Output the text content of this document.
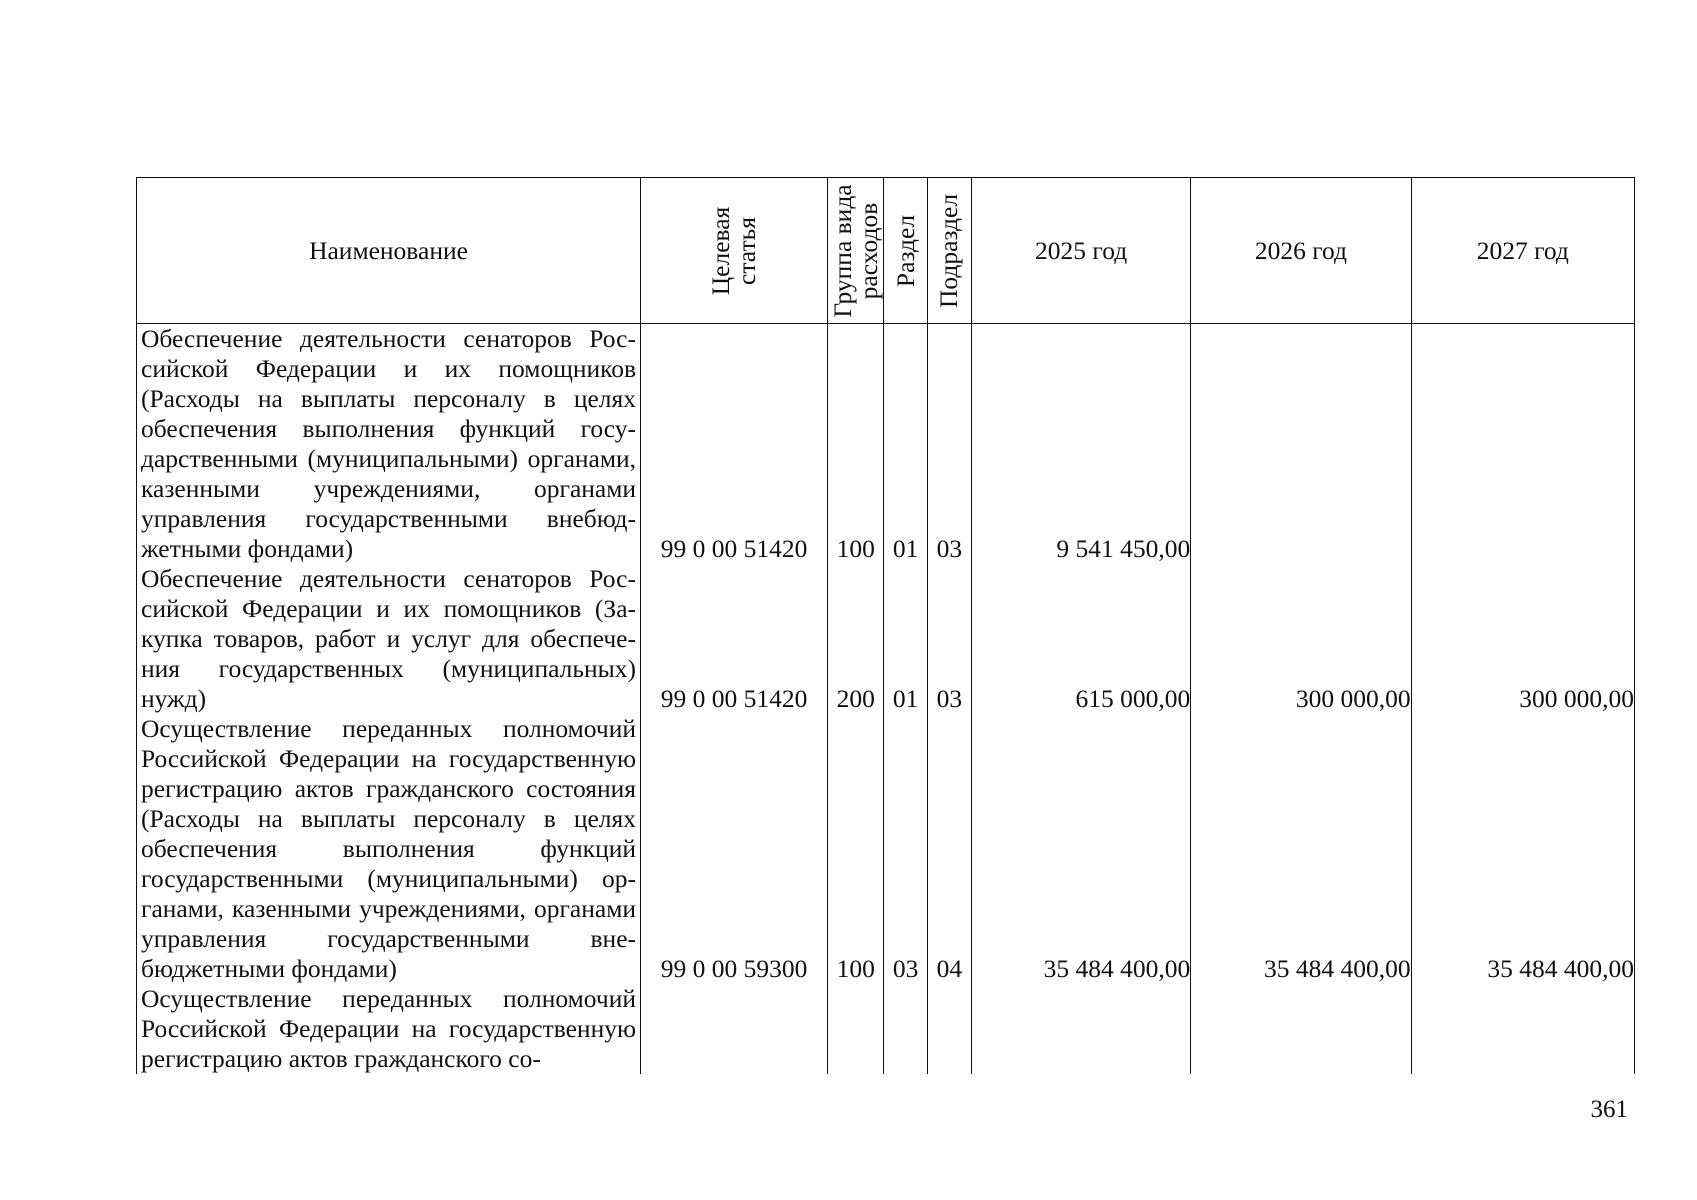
Наименование	Целевая статья	Группа вида расходов	Раздел	Подраздел	2025 год	2026 год	2027 год
Обеспечение деятельности сенаторов Российской Федерации и их помощников (Расходы на выплаты персоналу в целях обеспечения выполнения функций государственными (муниципальными) органами, казенными учреждениями, органами управления государственными внебюджетными фондами)	99 0 00 51420	100	01	03	9 541 450,00		
Обеспечение деятельности сенаторов Российской Федерации и их помощников (Закупка товаров, работ и услуг для обеспечения государственных (муниципальных) нужд)	99 0 00 51420	200	01	03	615 000,00	300 000,00	300 000,00
Осуществление переданных полномочий Российской Федерации на государственную регистрацию актов гражданского состояния (Расходы на выплаты персоналу в целях обеспечения выполнения функций государственными (муниципальными) органами, казенными учреждениями, органами управления государственными внебюджетными фондами)	99 0 00 59300	100	03	04	35 484 400,00	35 484 400,00	35 484 400,00
Осуществление переданных полномочий Российской Федерации на государственную регистрацию актов гражданского со-							
361
